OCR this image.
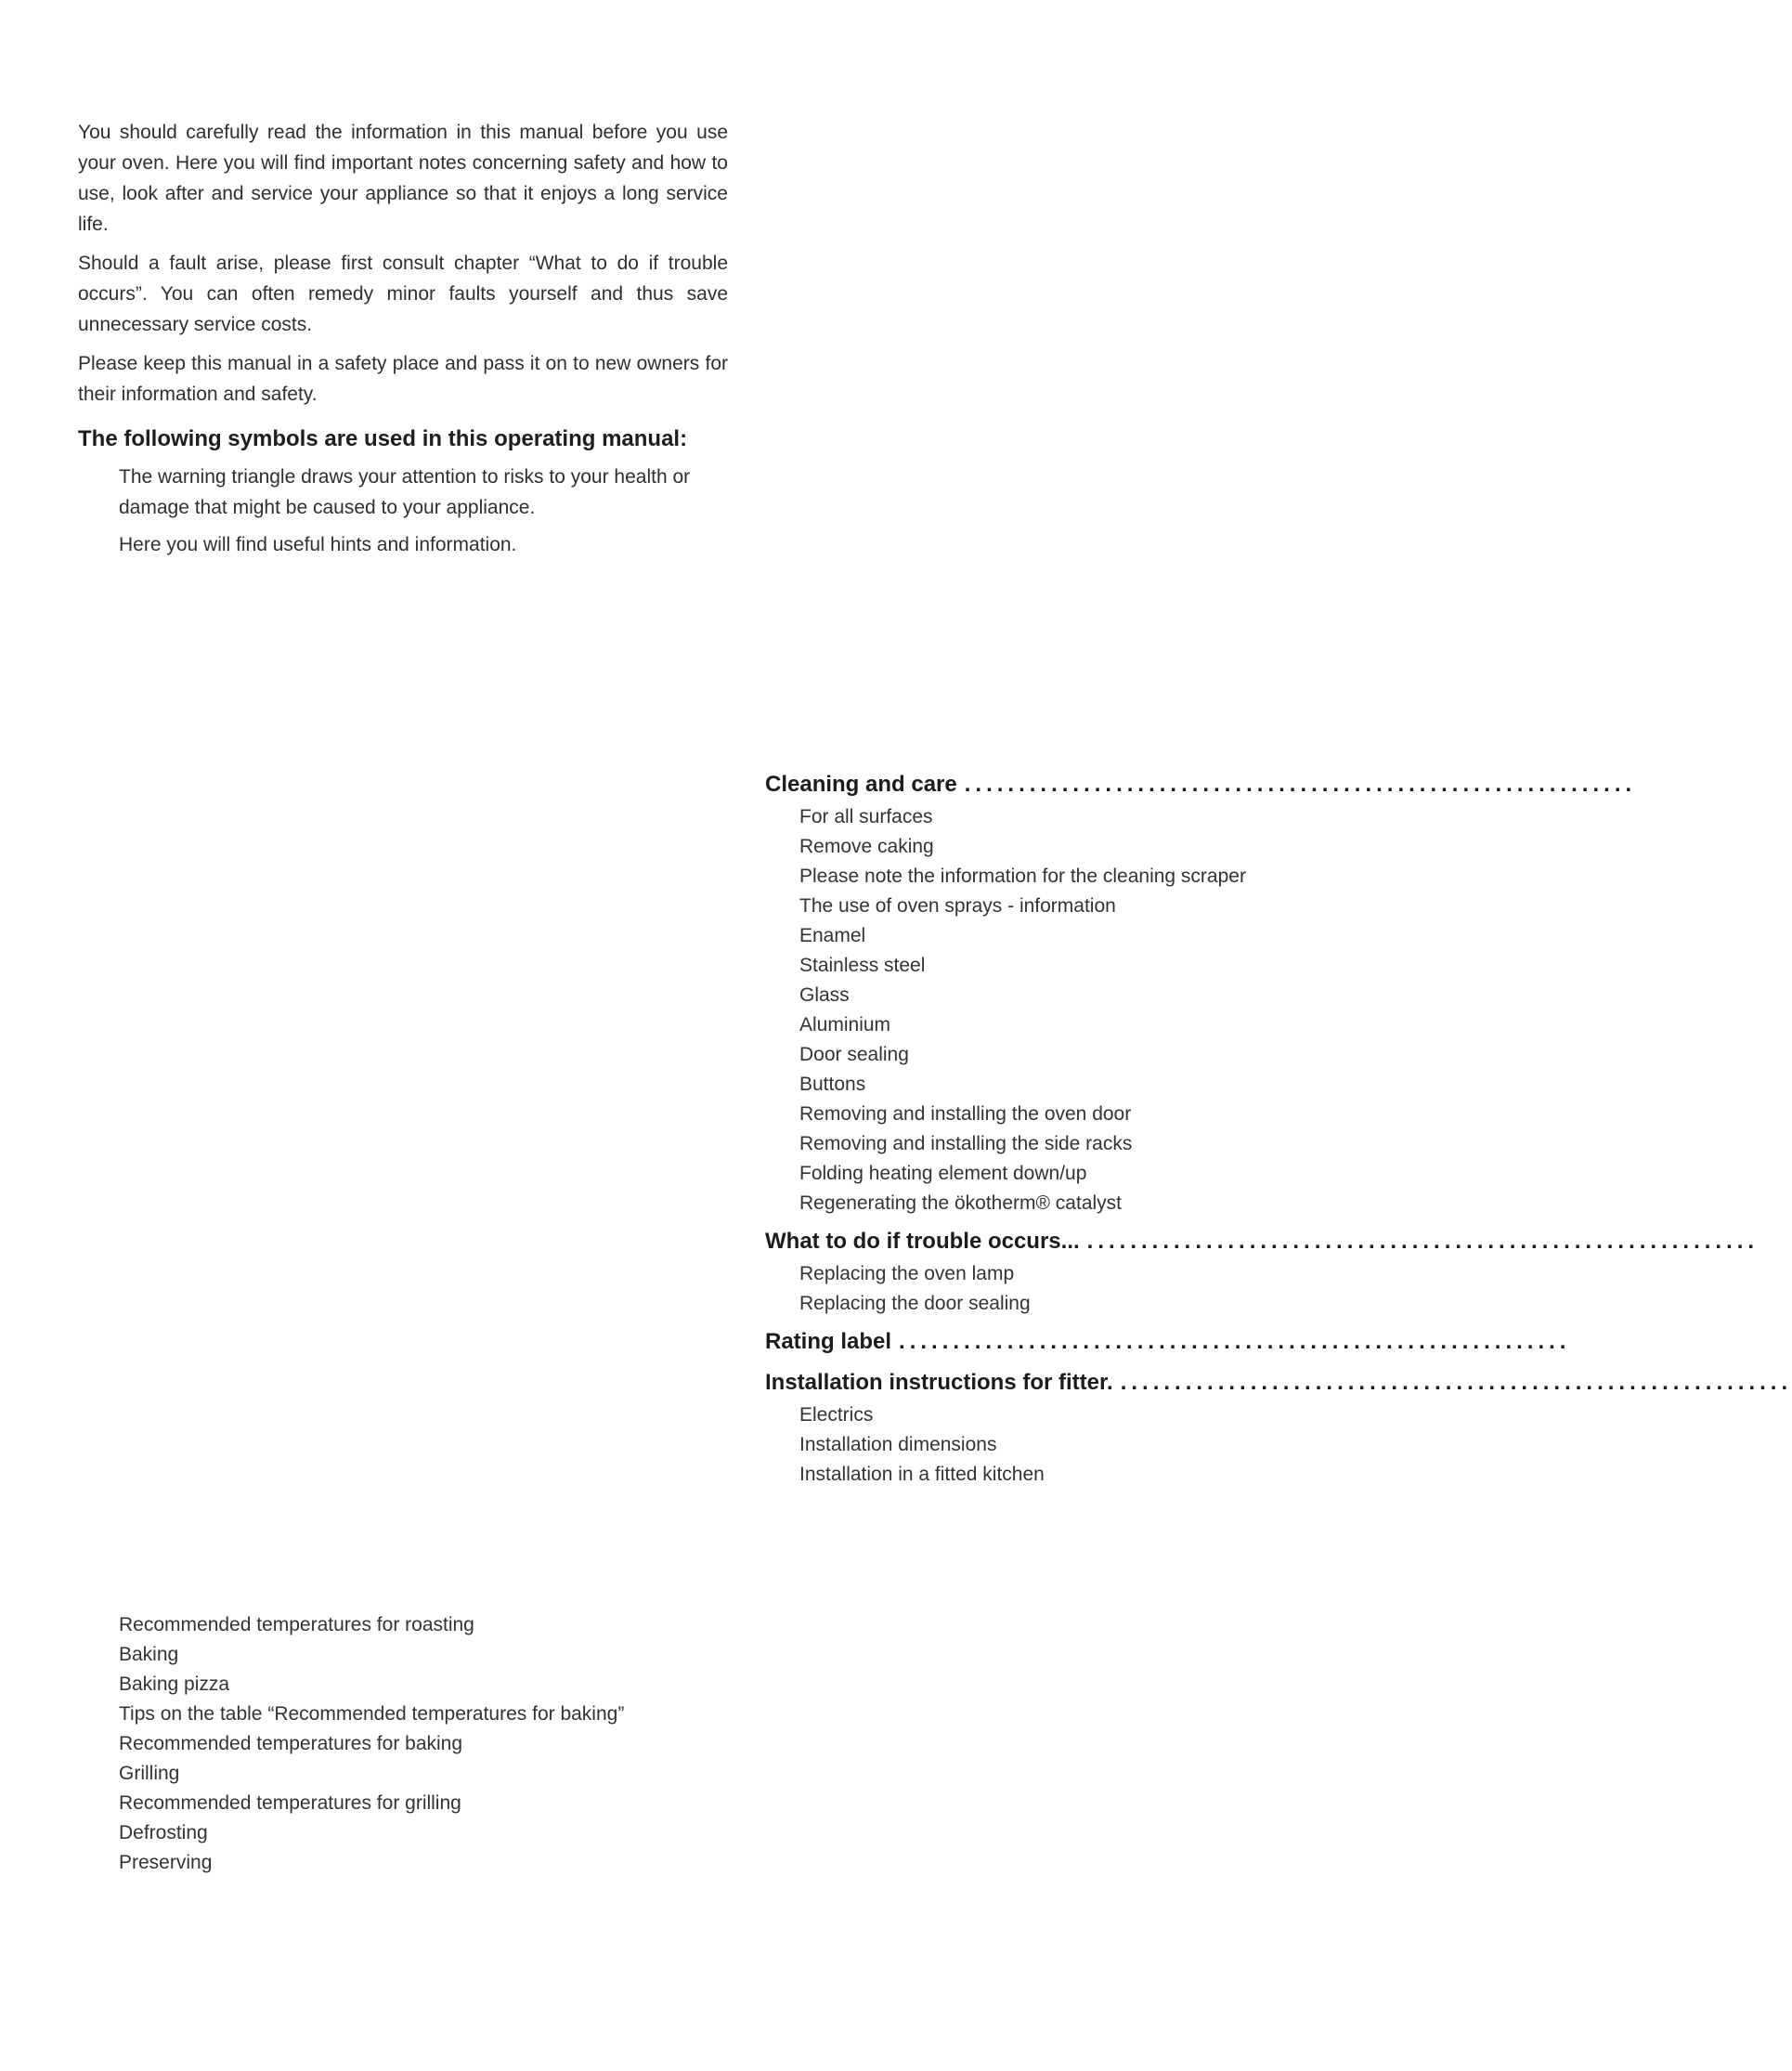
You should carefully read the information in this manual before you use your oven. Here you will find important notes concerning safety and how to use, look after and service your appliance so that it enjoys a long service life.

Should a fault arise, please first consult chapter “What to do if trouble occurs”. You can often remedy minor faults yourself and thus save unnecessary service costs.

Please keep this manual in a safety place and pass it on to new owners for their information and safety.

The following symbols are used in this operating manual:
The warning triangle draws your attention to risks to your health or damage that might be caused to your appliance.
Here you will find useful hints and information.
Cleaning and care ..............................................................
For all surfaces
Remove caking
Please note the information for the cleaning scraper
The use of oven sprays - information
Enamel
Stainless steel
Glass
Aluminium
Door sealing
Buttons
Removing and installing the oven door
Removing and installing the side racks
Folding heating element down/up
Regenerating the ökotherm® catalyst
What to do if trouble occurs... ..............................................................
Replacing the oven lamp
Replacing the door sealing
Rating label ..............................................................
Installation instructions for fitter. ..............................................................
Electrics
Installation dimensions
Installation in a fitted kitchen
Recommended temperatures for roasting
Baking
Baking pizza
Tips on the table “Recommended temperatures for baking”
Recommended temperatures for baking
Grilling
Recommended temperatures for grilling
Defrosting
Preserving
